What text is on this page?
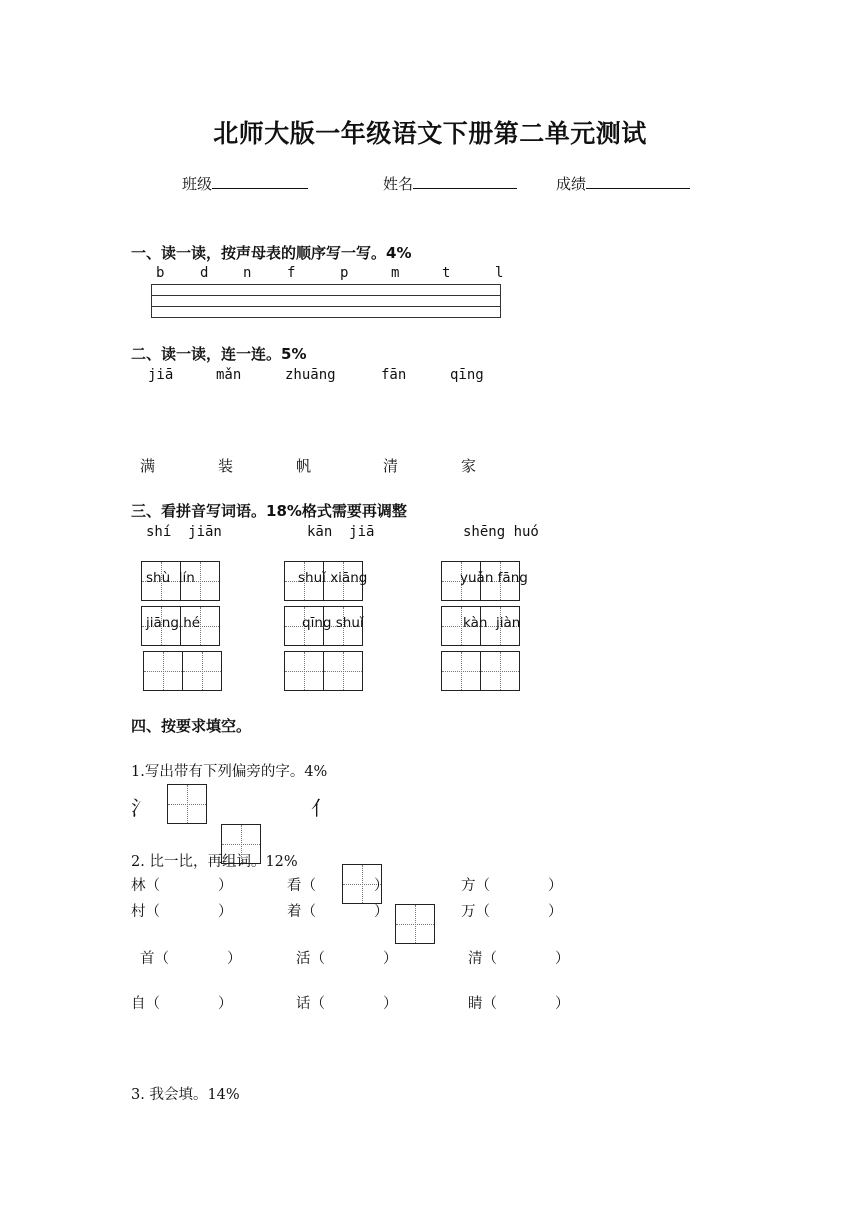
北师大版一年级语文下册第二单元测试
班级	姓名	成绩
一、读一读，按声母表的顺序写一写。4%
b	d n	f	p	m	t	l
二、读一读，连一连。5%
jiā	mǎn	zhuāng	fān	qīng
满	装	帆	清	家
三、看拼音写词语。18%格式需要再调整
shí  jiān	kān  jiā	shēng huó
shù  lín	shuǐ xiāng	yuǎn fāng
jiāng hé	qīng shuǐ	kàn  jiàn
四、按要求填空。
1.写出带有下列偏旁的字。4%
氵	亻
2. 比一比，再组词。12%
林（　　　　）	看（　　　　）	方（　　　　）
村（　　　　）	着（　　　　）	万（　　　　）
首（　　　　）	活（　　　　）	清（　　　　）
自（　　　　）	话（　　　　）	睛（　　　　）
3. 我会填。14%
